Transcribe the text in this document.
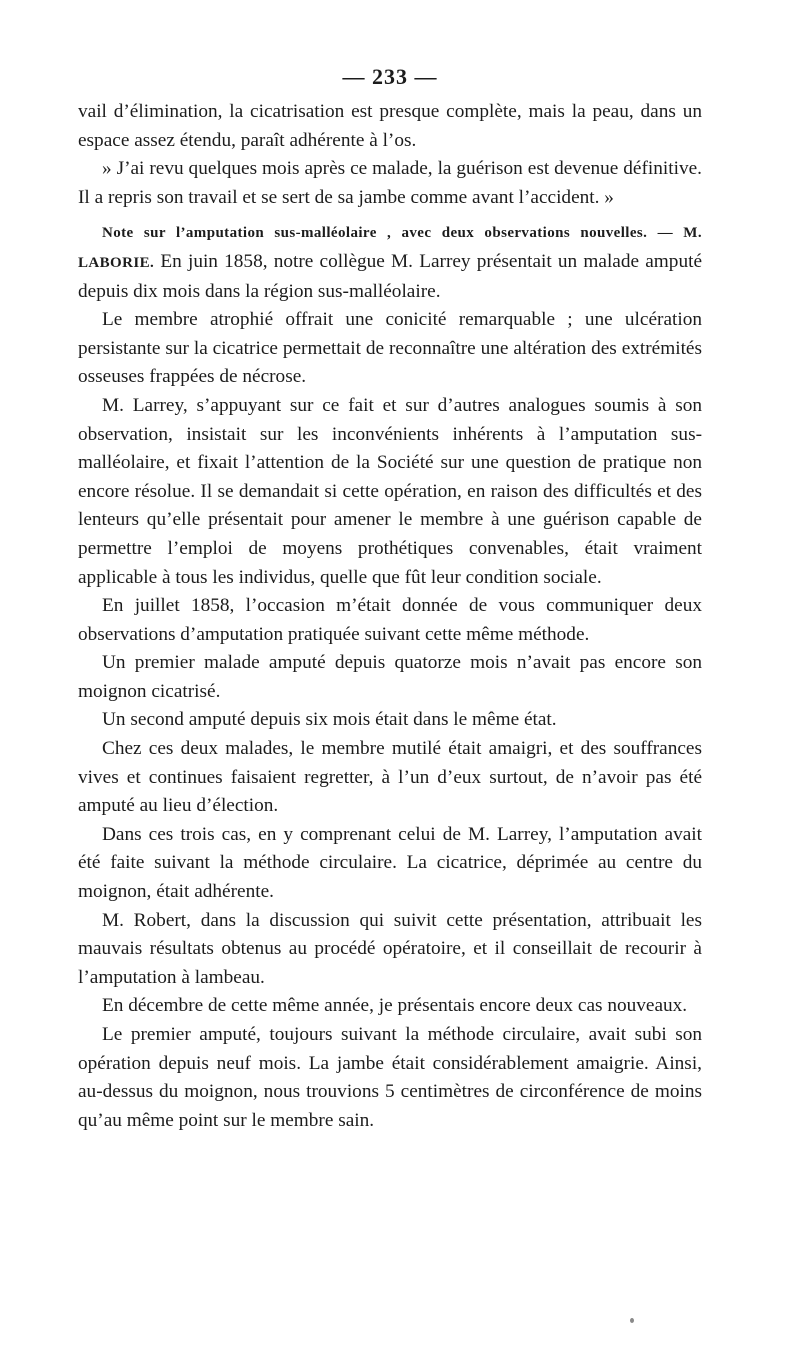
— 233 —

vail d’élimination, la cicatrisation est presque complète, mais la peau, dans un espace assez étendu, paraît adhérente à l’os.

» J’ai revu quelques mois après ce malade, la guérison est devenue définitive. Il a repris son travail et se sert de sa jambe comme avant l’accident. »

Note sur l’amputation sus-malléolaire , avec deux observations nouvelles. — M. LABORIE. En juin 1858, notre collègue M. Larrey présentait un malade amputé depuis dix mois dans la région sus-malléolaire.

Le membre atrophié offrait une conicité remarquable ; une ulcération persistante sur la cicatrice permettait de reconnaître une altération des extrémités osseuses frappées de nécrose.

M. Larrey, s’appuyant sur ce fait et sur d’autres analogues soumis à son observation, insistait sur les inconvénients inhérents à l’amputation sus-malléolaire, et fixait l’attention de la Société sur une question de pratique non encore résolue. Il se demandait si cette opération, en raison des difficultés et des lenteurs qu’elle présentait pour amener le membre à une guérison capable de permettre l’emploi de moyens prothétiques convenables, était vraiment applicable à tous les individus, quelle que fût leur condition sociale.

En juillet 1858, l’occasion m’était donnée de vous communiquer deux observations d’amputation pratiquée suivant cette même méthode.

Un premier malade amputé depuis quatorze mois n’avait pas encore son moignon cicatrisé.

Un second amputé depuis six mois était dans le même état.

Chez ces deux malades, le membre mutilé était amaigri, et des souffrances vives et continues faisaient regretter, à l’un d’eux surtout, de n’avoir pas été amputé au lieu d’élection.

Dans ces trois cas, en y comprenant celui de M. Larrey, l’amputation avait été faite suivant la méthode circulaire. La cicatrice, déprimée au centre du moignon, était adhérente.

M. Robert, dans la discussion qui suivit cette présentation, attribuait les mauvais résultats obtenus au procédé opératoire, et il conseillait de recourir à l’amputation à lambeau.

En décembre de cette même année, je présentais encore deux cas nouveaux.

Le premier amputé, toujours suivant la méthode circulaire, avait subi son opération depuis neuf mois. La jambe était considérablement amaigrie. Ainsi, au-dessus du moignon, nous trouvions 5 centimètres de circonférence de moins qu’au même point sur le membre sain.
